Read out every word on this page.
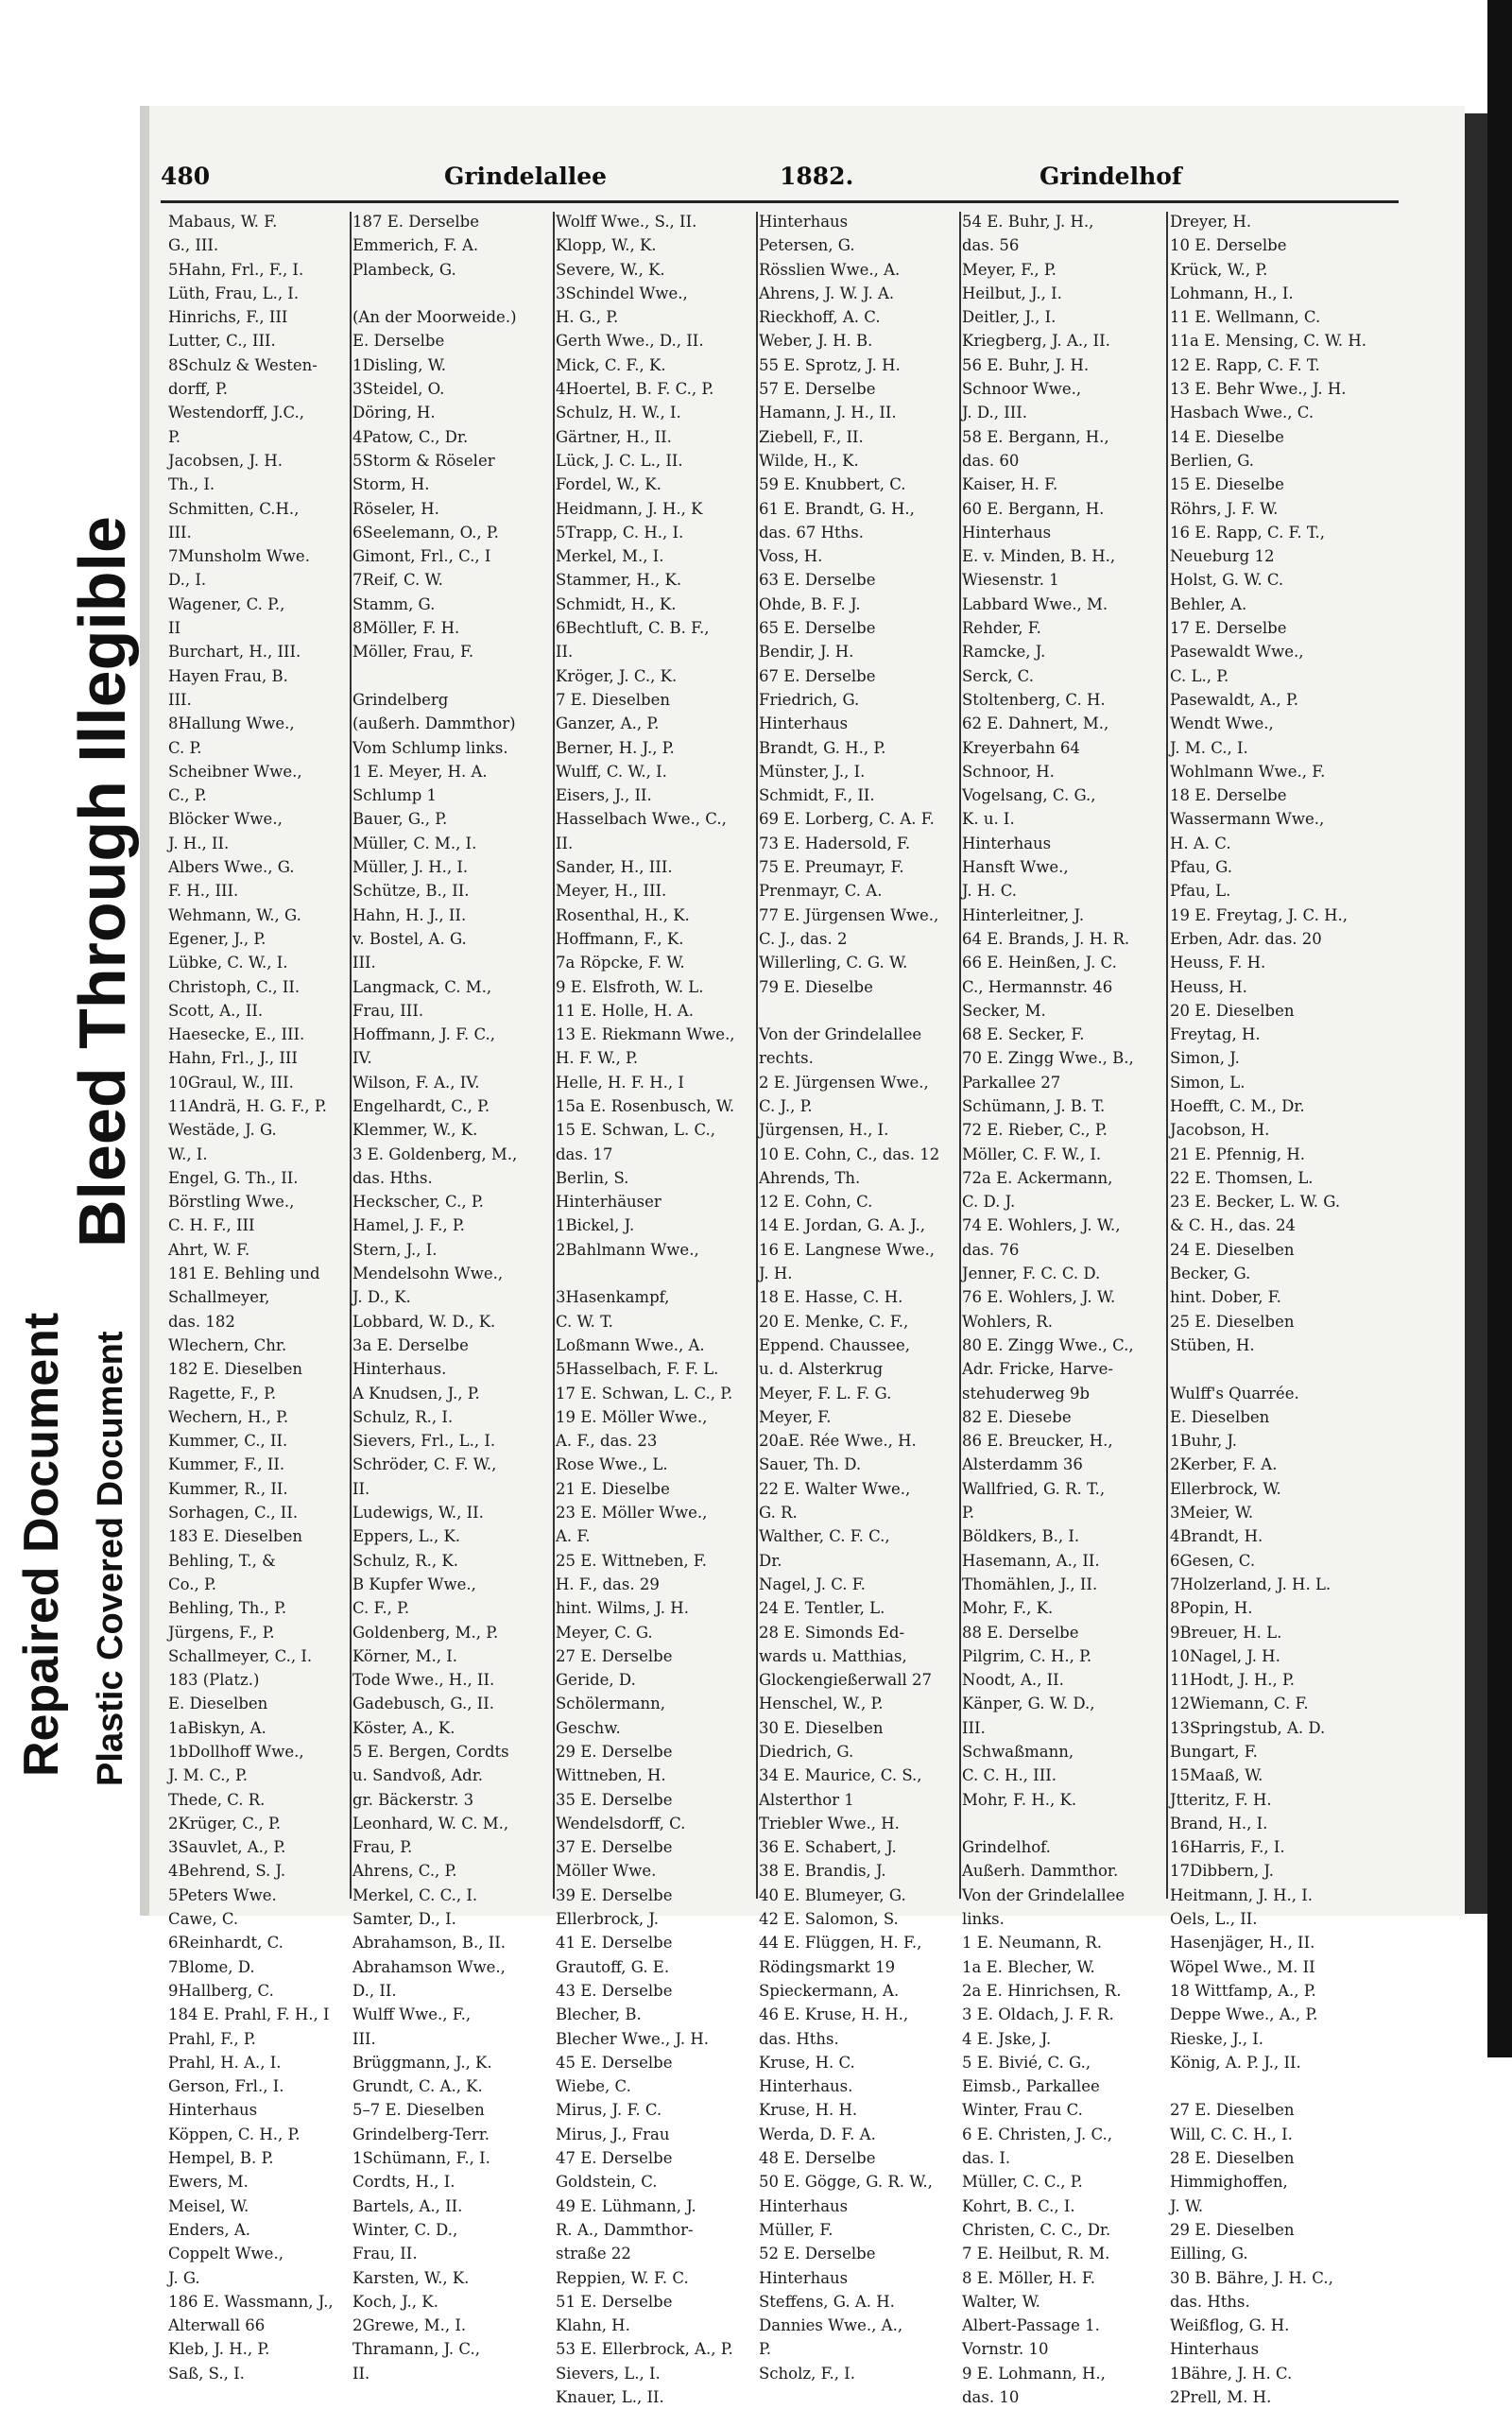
Bleed Through Illegible
Repaired Document Plastic Covered Document
480	Grindelallee	1882.	Grindelhof
Mabaus, W. F.
G., III.
5Hahn, Frl., F., I.
Lüth, Frau, L., I.
Hinrichs, F., III
Lutter, C., III.
8Schulz & Westen-
dorff, P.
Westendorff, J.C.,
P.
Jacobsen, J. H.
Th., I.
Schmitten, C.H.,
III.
7Munsholm Wwe.
D., I.
Wagener, C. P.,
II
Burchart, H., III.
Hayen Frau, B.
III.
8Hallung Wwe.,
C. P.
Scheibner Wwe.,
C., P.
Blöcker Wwe.,
J. H., II.
Albers Wwe., G.
F. H., III.
Wehmann, W., G.
Egener, J., P.
Lübke, C. W., I.
Christoph, C., II.
Scott, A., II.
Haesecke, E., III.
Hahn, Frl., J., III
10Graul, W., III.
11Andrä, H. G. F., P.
Westäde, J. G.
W., I.
Engel, G. Th., II.
Börstling Wwe.,
C. H. F., III
Ahrt, W. F.
181 E. Behling und
Schallmeyer,
das. 182
Wlechern, Chr.
182 E. Dieselben
Ragette, F., P.
Wechern, H., P.
Kummer, C., II.
Kummer, F., II.
Kummer, R., II.
Sorhagen, C., II.
183 E. Dieselben
Behling, T., &
Co., P.
Behling, Th., P.
Jürgens, F., P.
Schallmeyer, C., I.
183 (Platz.)
E. Dieselben
1aBiskyn, A.
1bDollhoff Wwe.,
J. M. C., P.
Thede, C. R.
2Krüger, C., P.
3Sauvlet, A., P.
4Behrend, S. J.
5Peters Wwe.
Cawe, C.
6Reinhardt, C.
7Blome, D.
9Hallberg, C.
184 E. Prahl, F. H., I
Prahl, F., P.
Prahl, H. A., I.
Gerson, Frl., I.
Hinterhaus
Köppen, C. H., P.
Hempel, B. P.
Ewers, M.
Meisel, W.
Enders, A.
Coppelt Wwe.,
J. G.
186 E. Wassmann, J.,
Alterwall 66
Kleb, J. H., P.
Saß, S., I.
187 E. Derselbe
Emmerich, F. A.
Plambeck, G.
(An der Moorweide.)
E. Derselbe
1Disling, W.
3Steidel, O.
Döring, H.
4Patow, C., Dr.
5Storm & Röseler
Storm, H.
Röseler, H.
6Seelemann, O., P.
Gimont, Frl., C., I
7Reif, C. W.
Stamm, G.
8Möller, F. H.
Möller, Frau, F.
Grindelberg
(außerh. Dammthor)
Vom Schlump links.
1 E. Meyer, H. A.
Schlump 1
Bauer, G., P.
Müller, C. M., I.
Müller, J. H., I.
Schütze, B., II.
Hahn, H. J., II.
v. Bostel, A. G.
III.
Langmack, C. M.,
Frau, III.
Hoffmann, J. F. C.,
IV.
Wilson, F. A., IV.
Engelhardt, C., P.
Klemmer, W., K.
3 E. Goldenberg, M.,
das. Hths.
Heckscher, C., P.
Hamel, J. F., P.
Stern, J., I.
Mendelsohn Wwe.,
J. D., K.
Lobbard, W. D., K.
3a E. Derselbe
Hinterhaus.
A Knudsen, J., P.
Schulz, R., I.
Sievers, Frl., L., I.
Schröder, C. F. W.,
II.
Ludewigs, W., II.
Eppers, L., K.
Schulz, R., K.
B Kupfer Wwe.,
C. F., P.
Goldenberg, M., P.
Körner, M., I.
Tode Wwe., H., II.
Gadebusch, G., II.
Köster, A., K.
5 E. Bergen, Cordts
u. Sandvoß, Adr.
gr. Bäckerstr. 3
Leonhard, W. C. M.,
Frau, P.
Ahrens, C., P.
Merkel, C. C., I.
Samter, D., I.
Abrahamson, B., II.
Abrahamson Wwe.,
D., II.
Wulff Wwe., F.,
III.
Brüggmann, J., K.
Grundt, C. A., K.
5–7 E. Dieselben
Grindelberg-Terr.
1Schümann, F., I.
Cordts, H., I.
Bartels, A., II.
Winter, C. D.,
Frau, II.
Karsten, W., K.
Koch, J., K.
2Grewe, M., I.
Thramann, J. C.,
II.
Wolff Wwe., S., II.
Klopp, W., K.
Severe, W., K.
3Schindel Wwe.,
H. G., P.
Gerth Wwe., D., II.
Mick, C. F., K.
4Hoertel, B. F. C., P.
Schulz, H. W., I.
Gärtner, H., II.
Lück, J. C. L., II.
Fordel, W., K.
Heidmann, J. H., K
5Trapp, C. H., I.
Merkel, M., I.
Stammer, H., K.
Schmidt, H., K.
6Bechtluft, C. B. F.,
II.
Kröger, J. C., K.
7 E. Dieselben
Ganzer, A., P.
Berner, H. J., P.
Wulff, C. W., I.
Eisers, J., II.
Hasselbach Wwe., C.,
II.
Sander, H., III.
Meyer, H., III.
Rosenthal, H., K.
Hoffmann, F., K.
7a Röpcke, F. W.
9 E. Elsfroth, W. L.
11 E. Holle, H. A.
13 E. Riekmann Wwe.,
H. F. W., P.
Helle, H. F. H., I
15a E. Rosenbusch, W.
15 E. Schwan, L. C.,
das. 17
Berlin, S.
Hinterhäuser
1Bickel, J.
2Bahlmann Wwe.,
3Hasenkampf,
C. W. T.
Loßmann Wwe., A.
5Hasselbach, F. F. L.
17 E. Schwan, L. C., P.
19 E. Möller Wwe.,
A. F., das. 23
Rose Wwe., L.
21 E. Dieselbe
23 E. Möller Wwe.,
A. F.
25 E. Wittneben, F.
H. F., das. 29
hint. Wilms, J. H.
Meyer, C. G.
27 E. Derselbe
Geride, D.
Schölermann,
Geschw.
29 E. Derselbe
Wittneben, H.
35 E. Derselbe
Wendelsdorff, C.
37 E. Derselbe
Möller Wwe.
39 E. Derselbe
Ellerbrock, J.
41 E. Derselbe
Grautoff, G. E.
43 E. Derselbe
Blecher, B.
Blecher Wwe., J. H.
45 E. Derselbe
Wiebe, C.
Mirus, J. F. C.
Mirus, J., Frau
47 E. Derselbe
Goldstein, C.
49 E. Lühmann, J.
R. A., Dammthor-
straße 22
Reppien, W. F. C.
51 E. Derselbe
Klahn, H.
53 E. Ellerbrock, A., P.
Sievers, L., I.
Knauer, L., II.
Hinterhaus
Petersen, G.
Rösslien Wwe., A.
Ahrens, J. W. J. A.
Rieckhoff, A. C.
Weber, J. H. B.
55 E. Sprotz, J. H.
57 E. Derselbe
Hamann, J. H., II.
Ziebell, F., II.
Wilde, H., K.
59 E. Knubbert, C.
61 E. Brandt, G. H.,
das. 67 Hths.
Voss, H.
63 E. Derselbe
Ohde, B. F. J.
65 E. Derselbe
Bendir, J. H.
67 E. Derselbe
Friedrich, G.
Hinterhaus
Brandt, G. H., P.
Münster, J., I.
Schmidt, F., II.
69 E. Lorberg, C. A. F.
73 E. Hadersold, F.
75 E. Preumayr, F.
Prenmayr, C. A.
77 E. Jürgensen Wwe.,
C. J., das. 2
Willerling, C. G. W.
79 E. Dieselbe
Von der Grindelallee
rechts.
2 E. Jürgensen Wwe.,
C. J., P.
Jürgensen, H., I.
10 E. Cohn, C., das. 12
Ahrends, Th.
12 E. Cohn, C.
14 E. Jordan, G. A. J.,
16 E. Langnese Wwe.,
J. H.
18 E. Hasse, C. H.
20 E. Menke, C. F.,
Eppend. Chaussee,
u. d. Alsterkrug
Meyer, F. L. F. G.
Meyer, F.
20aE. Rée Wwe., H.
Sauer, Th. D.
22 E. Walter Wwe.,
G. R.
Walther, C. F. C.,
Dr.
Nagel, J. C. F.
24 E. Tentler, L.
28 E. Simonds Ed-
wards u. Matthias,
Glockengießerwall 27
Henschel, W., P.
30 E. Dieselben
Diedrich, G.
34 E. Maurice, C. S.,
Alsterthor 1
Triebler Wwe., H.
36 E. Schabert, J.
38 E. Brandis, J.
40 E. Blumeyer, G.
42 E. Salomon, S.
44 E. Flüggen, H. F.,
Rödingsmarkt 19
Spieckermann, A.
46 E. Kruse, H. H.,
das. Hths.
Kruse, H. C.
Hinterhaus.
Kruse, H. H.
Werda, D. F. A.
48 E. Derselbe
50 E. Gögge, G. R. W.,
Hinterhaus
Müller, F.
52 E. Derselbe
Hinterhaus
Steffens, G. A. H.
Dannies Wwe., A.,
P.
Scholz, F., I.
54 E. Buhr, J. H.,
das. 56
Meyer, F., P.
Heilbut, J., I.
Deitler, J., I.
Kriegberg, J. A., II.
56 E. Buhr, J. H.
Schnoor Wwe.,
J. D., III.
58 E. Bergann, H.,
das. 60
Kaiser, H. F.
60 E. Bergann, H.
Hinterhaus
E. v. Minden, B. H.,
Wiesenstr. 1
Labbard Wwe., M.
Rehder, F.
Ramcke, J.
Serck, C.
Stoltenberg, C. H.
62 E. Dahnert, M.,
Kreyerbahn 64
Schnoor, H.
Vogelsang, C. G.,
K. u. I.
Hinterhaus
Hansft Wwe.,
J. H. C.
Hinterleitner, J.
64 E. Brands, J. H. R.
66 E. Heinßen, J. C.
C., Hermannstr. 46
Secker, M.
68 E. Secker, F.
70 E. Zingg Wwe., B.,
Parkallee 27
Schümann, J. B. T.
72 E. Rieber, C., P.
Möller, C. F. W., I.
72a E. Ackermann,
C. D. J.
74 E. Wohlers, J. W.,
das. 76
Jenner, F. C. C. D.
76 E. Wohlers, J. W.
Wohlers, R.
80 E. Zingg Wwe., C.,
Adr. Fricke, Harve-
stehuderweg 9b
82 E. Diesebe
86 E. Breucker, H.,
Alsterdamm 36
Wallfried, G. R. T.,
P.
Böldkers, B., I.
Hasemann, A., II.
Thomählen, J., II.
Mohr, F., K.
88 E. Derselbe
Pilgrim, C. H., P.
Noodt, A., II.
Känper, G. W. D.,
III.
Schwaßmann,
C. C. H., III.
Mohr, F. H., K.
Grindelhof.
Außerh. Dammthor.
Von der Grindelallee
links.
1 E. Neumann, R.
1a E. Blecher, W.
2a E. Hinrichsen, R.
3 E. Oldach, J. F. R.
4 E. Jske, J.
5 E. Bivié, C. G.,
Eimsb., Parkallee
Winter, Frau C.
6 E. Christen, J. C.,
das. I.
Müller, C. C., P.
Kohrt, B. C., I.
Christen, C. C., Dr.
7 E. Heilbut, R. M.
8 E. Möller, H. F.
Walter, W.
Albert-Passage 1.
Vornstr. 10
9 E. Lohmann, H.,
das. 10
Dreyer, H.
10 E. Derselbe
Krück, W., P.
Lohmann, H., I.
11 E. Wellmann, C.
11a E. Mensing, C. W. H.
12 E. Rapp, C. F. T.
13 E. Behr Wwe., J. H.
Hasbach Wwe., C.
14 E. Dieselbe
Berlien, G.
15 E. Dieselbe
Röhrs, J. F. W.
16 E. Rapp, C. F. T.,
Neueburg 12
Holst, G. W. C.
Behler, A.
17 E. Derselbe
Pasewaldt Wwe.,
C. L., P.
Pasewaldt, A., P.
Wendt Wwe.,
J. M. C., I.
Wohlmann Wwe., F.
18 E. Derselbe
Wassermann Wwe.,
H. A. C.
Pfau, G.
Pfau, L.
19 E. Freytag, J. C. H.,
Erben, Adr. das. 20
Heuss, F. H.
Heuss, H.
20 E. Dieselben
Freytag, H.
Simon, J.
Simon, L.
Hoefft, C. M., Dr.
Jacobson, H.
21 E. Pfennig, H.
22 E. Thomsen, L.
23 E. Becker, L. W. G.
& C. H., das. 24
24 E. Dieselben
Becker, G.
hint. Dober, F.
25 E. Dieselben
Stüben, H.
Wulff's Quarrée.
E. Dieselben
1Buhr, J.
2Kerber, F. A.
Ellerbrock, W.
3Meier, W.
4Brandt, H.
6Gesen, C.
7Holzerland, J. H. L.
8Popin, H.
9Breuer, H. L.
10Nagel, J. H.
11Hodt, J. H., P.
12Wiemann, C. F.
13Springstub, A. D.
Bungart, F.
15Maaß, W.
Jtteritz, F. H.
Brand, H., I.
16Harris, F., I.
17Dibbern, J.
Heitmann, J. H., I.
Oels, L., II.
Hasenjäger, H., II.
Wöpel Wwe., M. II
18 Wittfamp, A., P.
Deppe Wwe., A., P.
Rieske, J., I.
König, A. P. J., II.
27 E. Dieselben
Will, C. C. H., I.
28 E. Dieselben
Himmighoffen,
J. W.
29 E. Dieselben
Eilling, G.
30 B. Bähre, J. H. C.,
das. Hths.
Weißflog, G. H.
Hinterhaus
1Bähre, J. H. C.
2Prell, M. H.
